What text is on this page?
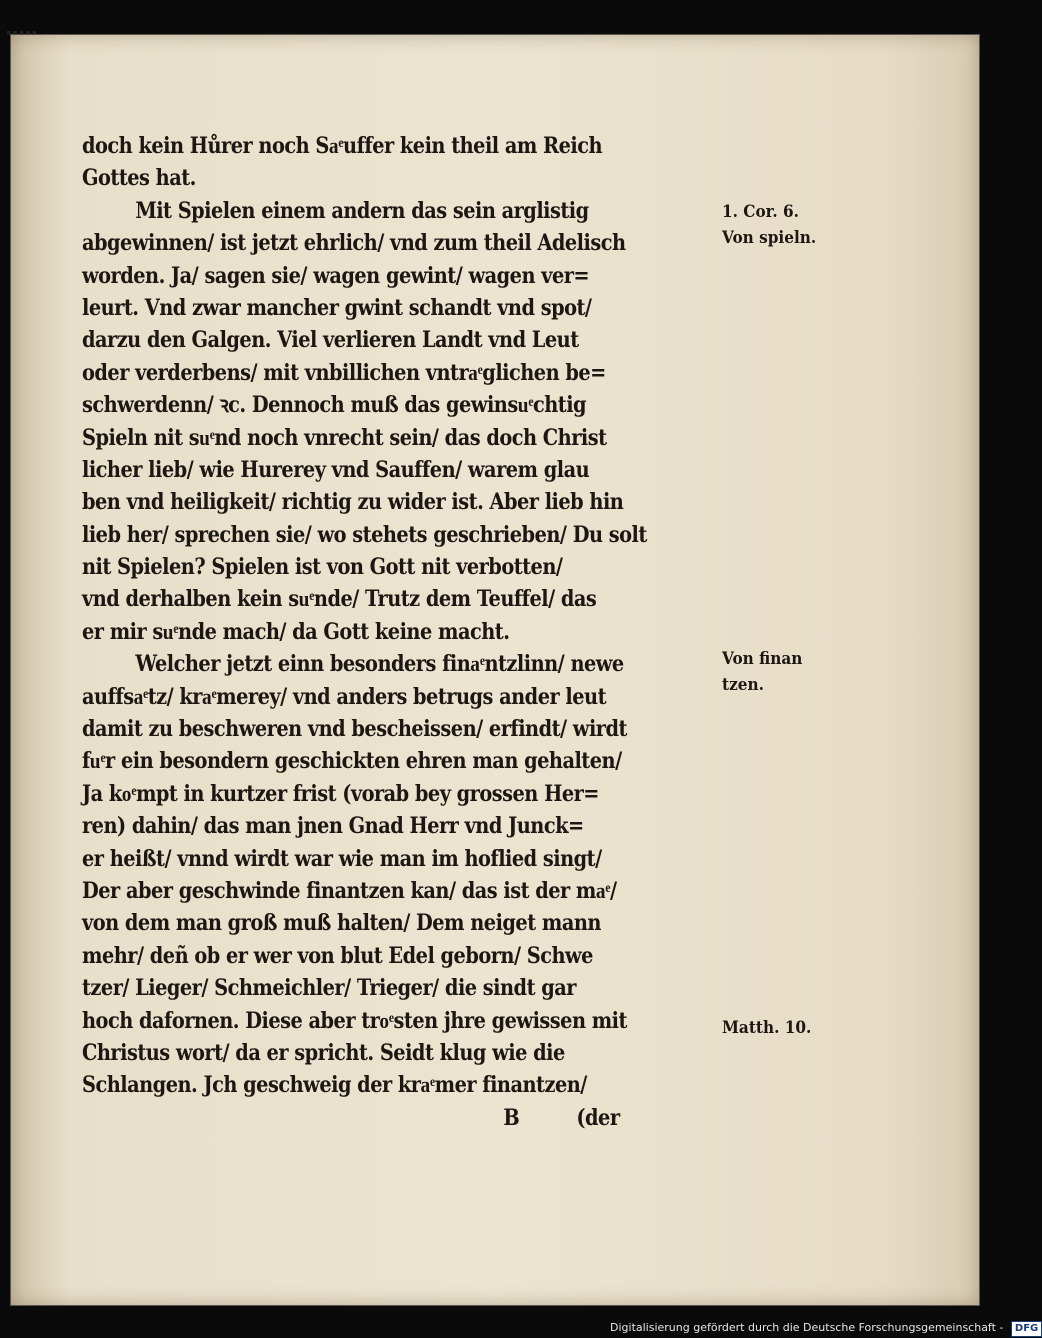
▪▪▪▪▪
doch kein Hůrer noch Saͤuffer kein theil am Reich
Gottes hat.
Mit Spielen einem andern das sein arglistig
abgewinnen/ ist jetzt ehrlich/ vnd zum theil Adelisch
worden. Ja/ sagen sie/ wagen gewint/ wagen ver=
leurt. Vnd zwar mancher gwint schandt vnd spot/
darzu den Galgen. Viel verlieren Landt vnd Leut
oder verderbens/ mit vnbillichen vntraͤglichen be=
schwerdenn/ ꝛc. Dennoch muß das gewinsuͤchtig
Spieln nit suͤnd noch vnrecht sein/ das doch Christ
licher lieb/ wie Hurerey vnd Sauffen/ warem glau
ben vnd heiligkeit/ richtig zu wider ist. Aber lieb hin
lieb her/ sprechen sie/ wo stehets geschrieben/ Du solt
nit Spielen? Spielen ist von Gott nit verbotten/
vnd derhalben kein suͤnde/ Trutz dem Teuffel/ das
er mir suͤnde mach/ da Gott keine macht.
Welcher jetzt einn besonders finaͤntzlinn/ newe
auffsaͤtz/ kraͤmerey/ vnd anders betrugs ander leut
damit zu beschweren vnd bescheissen/ erfindt/ wirdt
fuͤr ein besondern geschickten ehren man gehalten/
Ja koͤmpt in kurtzer frist (vorab bey grossen Her=
ren) dahin/ das man jnen Gnad Herr vnd Junck=
er heißt/ vnnd wirdt war wie man im hoflied singt/
Der aber geschwinde finantzen kan/ das ist der maͤ/
von dem man groß muß halten/ Dem neiget mann
mehr/ deñ ob er wer von blut Edel geborn/ Schwe
tzer/ Lieger/ Schmeichler/ Trieger/ die sindt gar
hoch dafornen. Diese aber troͤsten jhre gewissen mit
Christus wort/ da er spricht. Seidt klug wie die
Schlangen. Jch geschweig der kraͤmer finantzen/
B	(der
1. Cor. 6.
Von spieln.
Von finan
tzen.
Matth. 10.
Digitalisierung gefördert durch die Deutsche Forschungsgemeinschaft - DFG
